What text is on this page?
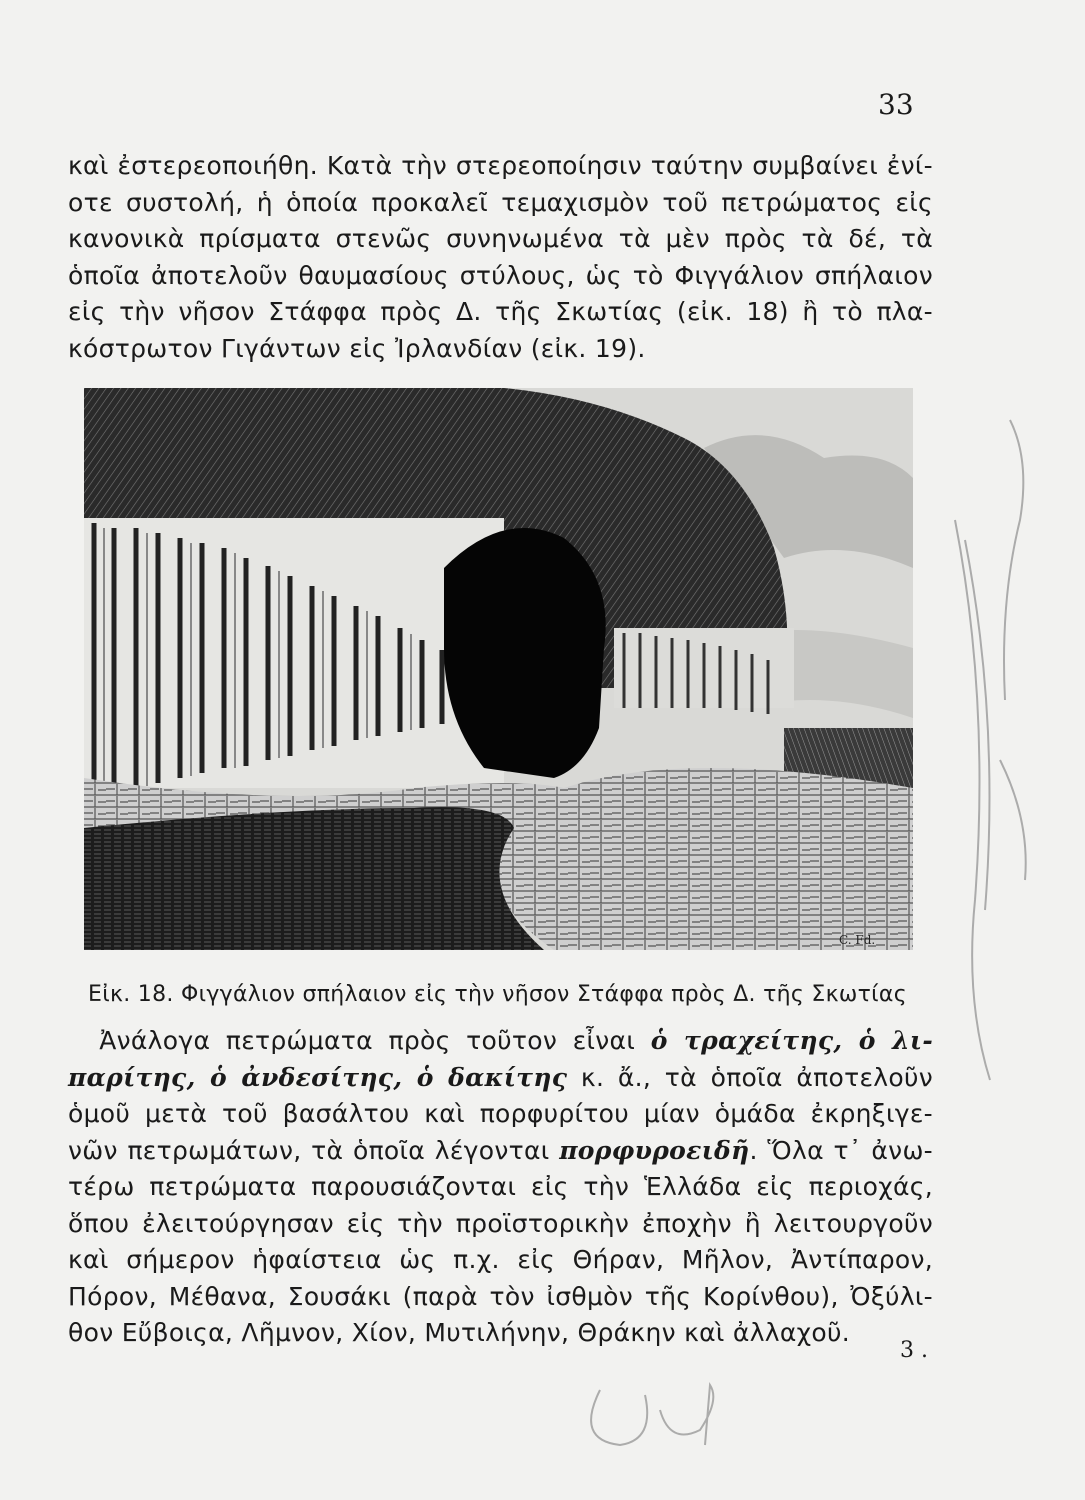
33
καὶ ἐστερεοποιήθη. Κατὰ τὴν στερεοποίησιν ταύτην συμβαίνει ἐνί-
οτε συστολή, ἡ ὁποία προκαλεῖ τεμαχισμὸν τοῦ πετρώματος εἰς
κανονικὰ πρίσματα στενῶς συνηνωμένα τὰ μὲν πρὸς τὰ δέ, τὰ
ὁποῖα ἀποτελοῦν θαυμασίους στύλους, ὡς τὸ Φιγγάλιον σπήλαιον
εἰς τὴν νῆσον Στάφφα πρὸς Δ. τῆς Σκωτίας (εἰκ. 18) ἢ τὸ πλα-
κόστρωτον Γιγάντων εἰς Ἰρλανδίαν (εἰκ. 19).
C. Fd.
Εἰκ. 18. Φιγγάλιον σπήλαιον εἰς τὴν νῆσον Στάφφα πρὸς Δ. τῆς Σκωτίας
Ἀνάλογα πετρώματα πρὸς τοῦτον εἶναι ὁ τραχείτης, ὁ λι-
παρίτης, ὁ ἀνδεσίτης, ὁ δακίτης κ. ἄ., τὰ ὁποῖα ἀποτελοῦν
ὁμοῦ μετὰ τοῦ βασάλτου καὶ πορφυρίτου μίαν ὁμάδα ἐκρηξιγε-
νῶν πετρωμάτων, τὰ ὁποῖα λέγονται πορφυροειδῆ. Ὅλα τ᾿ ἀνω-
τέρω πετρώματα παρουσιάζονται εἰς τὴν Ἑλλάδα εἰς περιοχάς,
ὅπου ἐλειτούργησαν εἰς τὴν προϊστορικὴν ἐποχὴν ἢ λειτουργοῦν
καὶ σήμερον ἡφαίστεια ὡς π.χ. εἰς Θήραν, Μῆλον, Ἀντίπαρον,
Πόρον, Μέθανα, Σουσάκι (παρὰ τὸν ἰσθμὸν τῆς Κορίνθου), Ὀξύλι-
θον Εὔβοιςα, Λῆμνον, Χίον, Μυτιλήνην, Θράκην καὶ ἀλλαχοῦ.
3 .
